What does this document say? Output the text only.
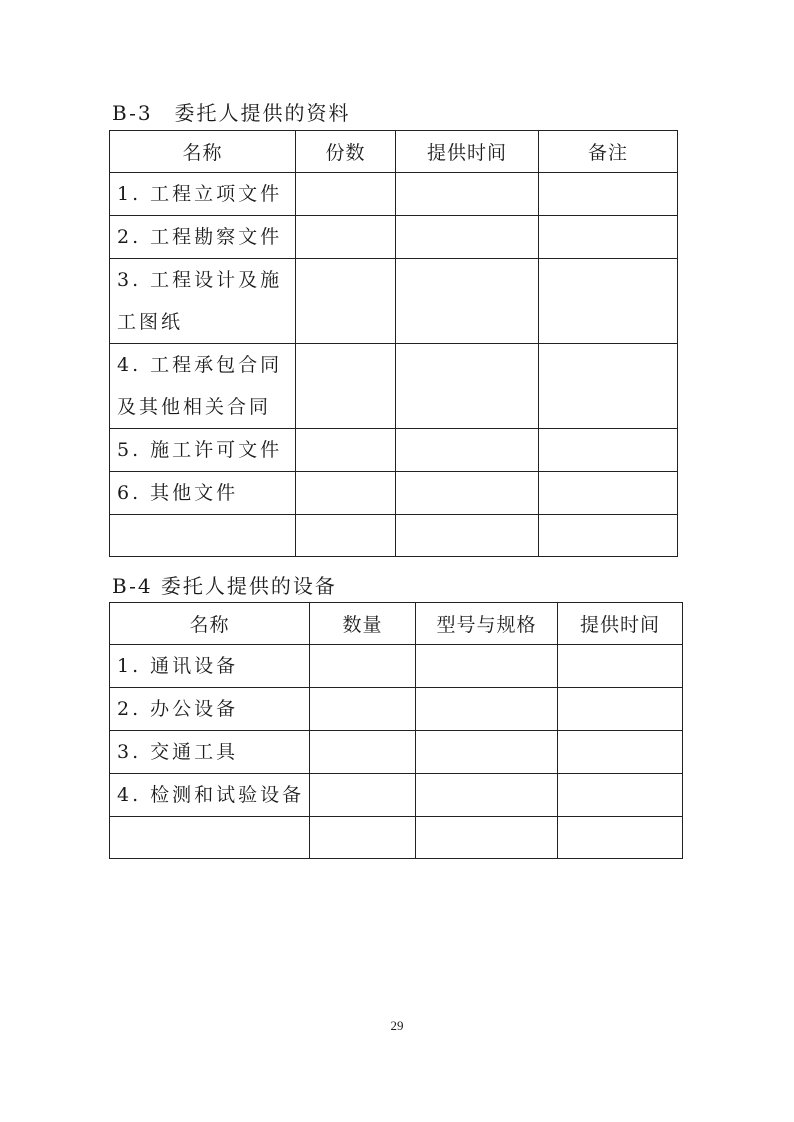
B-3　委托人提供的资料
名称	份数	提供时间	备注
1. 工程立项文件			
2. 工程勘察文件			
3. 工程设计及施工图纸			
4. 工程承包合同及其他相关合同			
5. 施工许可文件			
6. 其他文件			

B-4 委托人提供的设备
名称	数量	型号与规格	提供时间
1. 通讯设备			
2. 办公设备			
3. 交通工具			
4. 检测和试验设备			

29
